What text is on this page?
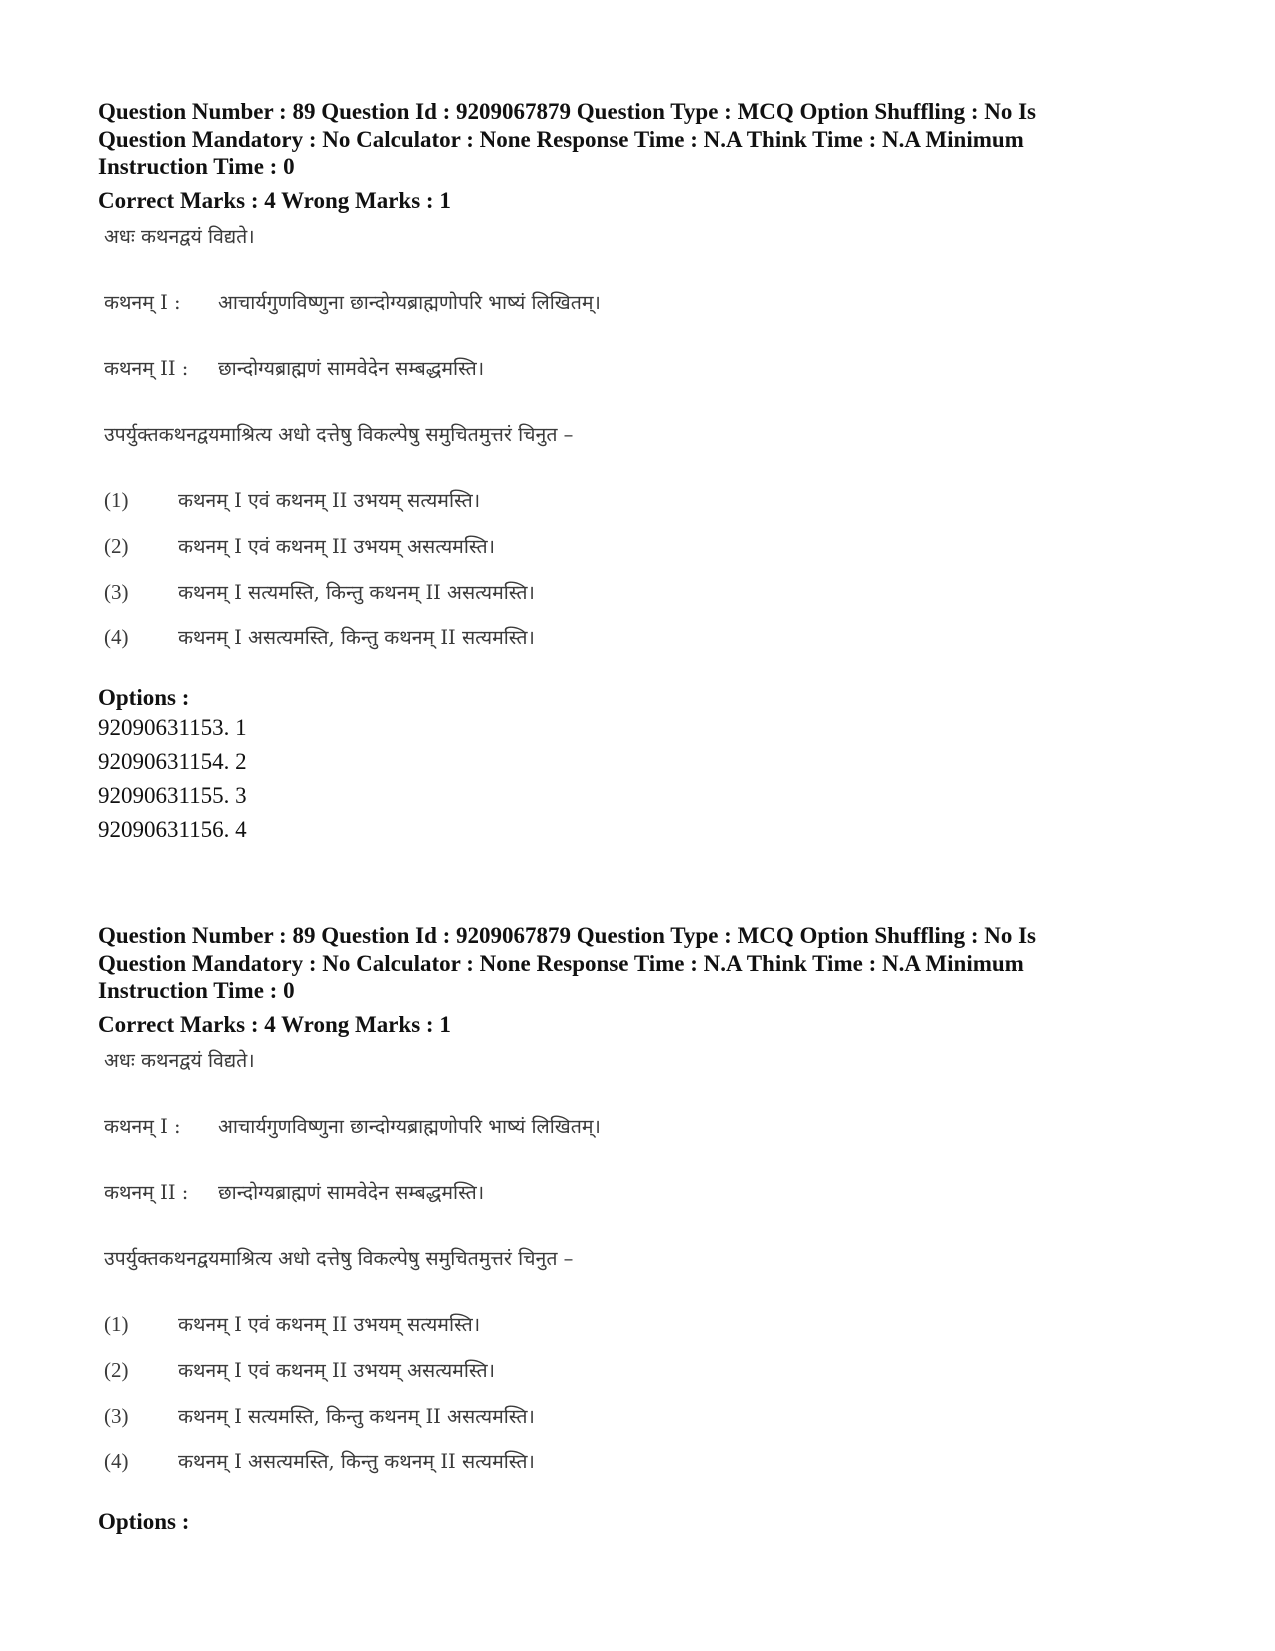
Question Number : 89 Question Id : 9209067879 Question Type : MCQ Option Shuffling : No Is

Question Mandatory : No Calculator : None Response Time : N.A Think Time : N.A Minimum

Instruction Time : 0

Correct Marks : 4 Wrong Marks : 1

अधः कथनद्वयं विद्यते।
कथनम् I : आचार्यगुणविष्णुना छान्दोग्यब्राह्मणोपरि भाष्यं लिखितम्।
कथनम् II : छान्दोग्यब्राह्मणं सामवेदेन सम्बद्धमस्ति।
उपर्युक्तकथनद्वयमाश्रित्य अधो दत्तेषु विकल्पेषु समुचितमुत्तरं चिनुत –
(1)	कथनम् I एवं कथनम् II उभयम् सत्यमस्ति।
(2)	कथनम् I एवं कथनम् II उभयम् असत्यमस्ति।
(3)	कथनम् I सत्यमस्ति, किन्तु कथनम् II असत्यमस्ति।
(4)	कथनम् I असत्यमस्ति, किन्तु कथनम् II सत्यमस्ति।

Options :

92090631153. 1

92090631154. 2

92090631155. 3

92090631156. 4

Question Number : 89 Question Id : 9209067879 Question Type : MCQ Option Shuffling : No Is

Question Mandatory : No Calculator : None Response Time : N.A Think Time : N.A Minimum

Instruction Time : 0

Correct Marks : 4 Wrong Marks : 1

अधः कथनद्वयं विद्यते।
कथनम् I : आचार्यगुणविष्णुना छान्दोग्यब्राह्मणोपरि भाष्यं लिखितम्।
कथनम् II : छान्दोग्यब्राह्मणं सामवेदेन सम्बद्धमस्ति।
उपर्युक्तकथनद्वयमाश्रित्य अधो दत्तेषु विकल्पेषु समुचितमुत्तरं चिनुत –
(1)	कथनम् I एवं कथनम् II उभयम् सत्यमस्ति।
(2)	कथनम् I एवं कथनम् II उभयम् असत्यमस्ति।
(3)	कथनम् I सत्यमस्ति, किन्तु कथनम् II असत्यमस्ति।
(4)	कथनम् I असत्यमस्ति, किन्तु कथनम् II सत्यमस्ति।

Options :
